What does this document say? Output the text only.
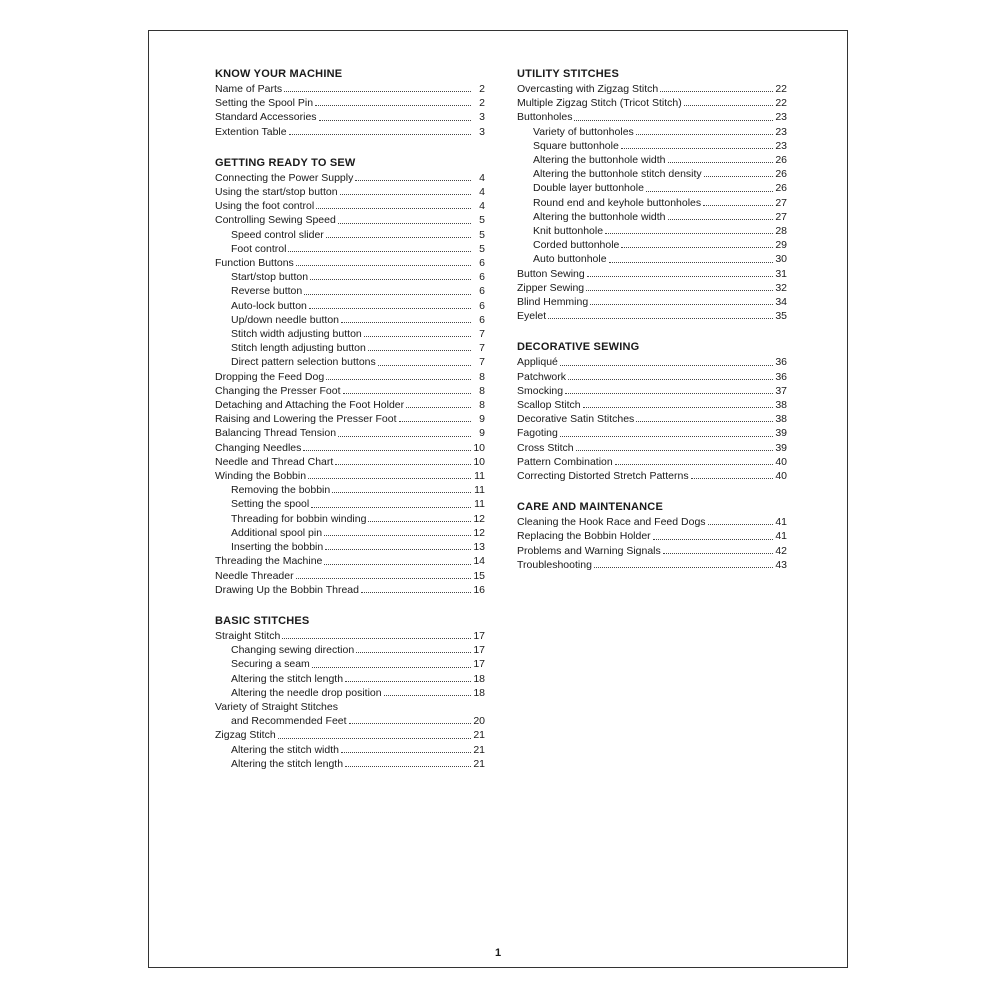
KNOW YOUR MACHINE
Name of Parts	2
Setting the Spool Pin	2
Standard Accessories	3
Extention Table	3
GETTING READY TO SEW
Connecting the Power Supply	4
Using the start/stop button	4
Using the foot control	4
Controlling Sewing Speed	5
Speed control slider	5
Foot control	5
Function Buttons	6
Start/stop button	6
Reverse button	6
Auto-lock button	6
Up/down needle button	6
Stitch width adjusting button	7
Stitch length adjusting button	7
Direct pattern selection buttons	7
Dropping the Feed Dog	8
Changing the Presser Foot	8
Detaching and Attaching the Foot Holder	8
Raising and Lowering the Presser Foot	9
Balancing Thread Tension	9
Changing Needles	10
Needle and Thread Chart	10
Winding the Bobbin	11
Removing the bobbin	11
Setting the spool	11
Threading for bobbin winding	12
Additional spool pin	12
Inserting the bobbin	13
Threading the Machine	14
Needle Threader	15
Drawing Up the Bobbin Thread	16
BASIC STITCHES
Straight Stitch	17
Changing sewing direction	17
Securing a seam	17
Altering the stitch length	18
Altering the needle drop position	18
Variety of Straight Stitches
and Recommended Feet	20
Zigzag Stitch	21
Altering the stitch width	21
Altering the stitch length	21
UTILITY STITCHES
Overcasting with Zigzag Stitch	22
Multiple Zigzag Stitch (Tricot Stitch)	22
Buttonholes	23
Variety of buttonholes	23
Square buttonhole	23
Altering the buttonhole width	26
Altering the buttonhole stitch density	26
Double layer buttonhole	26
Round end and keyhole buttonholes	27
Altering the buttonhole width	27
Knit buttonhole	28
Corded buttonhole	29
Auto buttonhole	30
Button Sewing	31
Zipper Sewing	32
Blind Hemming	34
Eyelet	35
DECORATIVE SEWING
Appliqué	36
Patchwork	36
Smocking	37
Scallop Stitch	38
Decorative Satin Stitches	38
Fagoting	39
Cross Stitch	39
Pattern Combination	40
Correcting Distorted Stretch Patterns	40
CARE AND MAINTENANCE
Cleaning the Hook Race and Feed Dogs	41
Replacing the Bobbin Holder	41
Problems and Warning Signals	42
Troubleshooting	43
1
